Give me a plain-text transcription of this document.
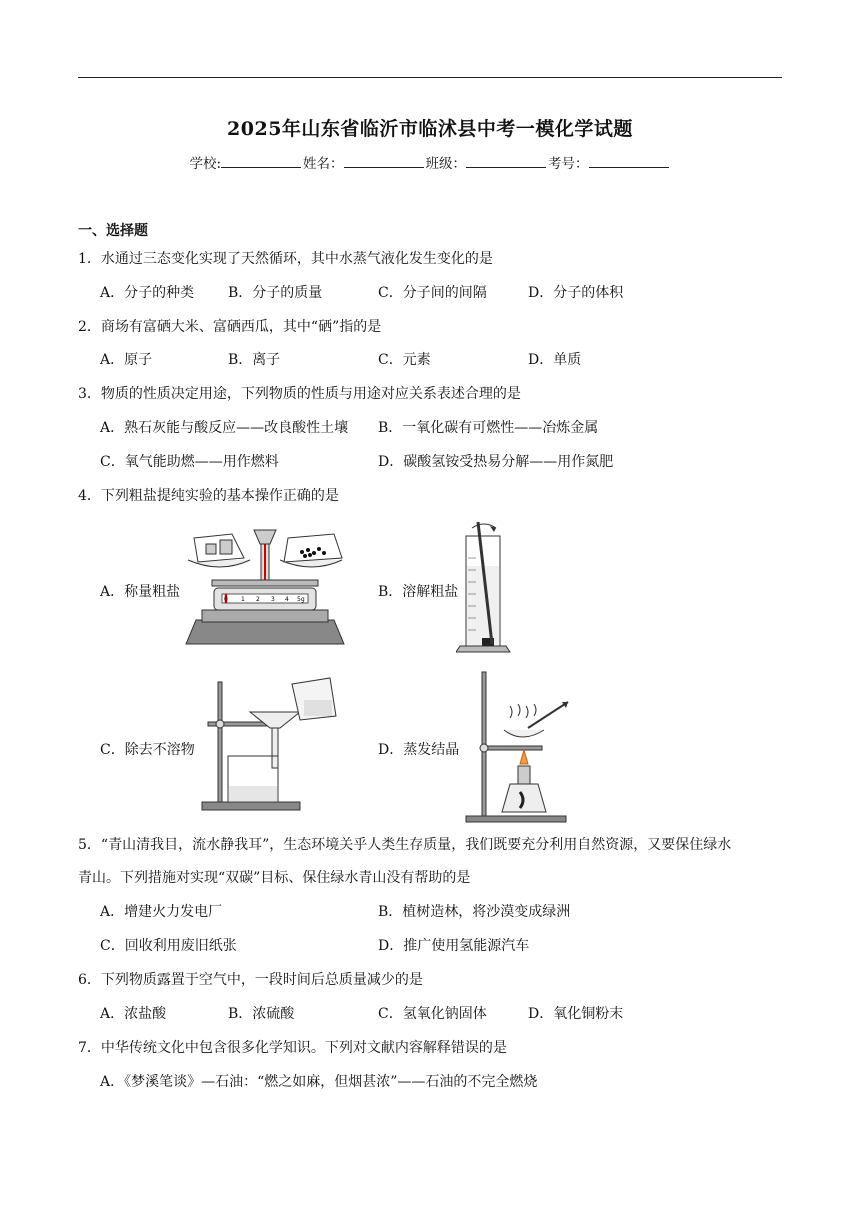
2025年山东省临沂市临沭县中考一模化学试题
学校:	姓名：	班级：	考号：
一、选择题
1．水通过三态变化实现了天然循环，其中水蒸气液化发生变化的是
A．分子的种类 B．分子的质量	C．分子间的间隔	D．分子的体积
2．商场有富硒大米、富硒西瓜，其中“硒”指的是
A．原子	B．离子	C．元素	D．单质
3．物质的性质决定用途，下列物质的性质与用途对应关系表述合理的是
A．熟石灰能与酸反应——改良酸性土壤 B．一氧化碳有可燃性——冶炼金属
C．氧气能助燃——用作燃料	D．碳酸氢铵受热易分解——用作氮肥
4．下列粗盐提纯实验的基本操作正确的是
A．称量粗盐	B．溶解粗盐
C．除去不溶物	D．蒸发结晶
0 1 2 3 4 5g
5．“青山清我目，流水静我耳”，生态环境关乎人类生存质量，我们既要充分利用自然资源，又要保住绿水
青山。下列措施对实现“双碳”目标、保住绿水青山没有帮助的是
A．增建火力发电厂	B．植树造林，将沙漠变成绿洲
C．回收利用废旧纸张	D．推广使用氢能源汽车
6．下列物质露置于空气中，一段时间后总质量减少的是
A．浓盐酸	B．浓硫酸	C．氢氧化钠固体	D．氧化铜粉末
7．中华传统文化中包含很多化学知识。下列对文献内容解释错误的是
A．《梦溪笔谈》—石油：“燃之如麻，但烟甚浓”——石油的不完全燃烧
